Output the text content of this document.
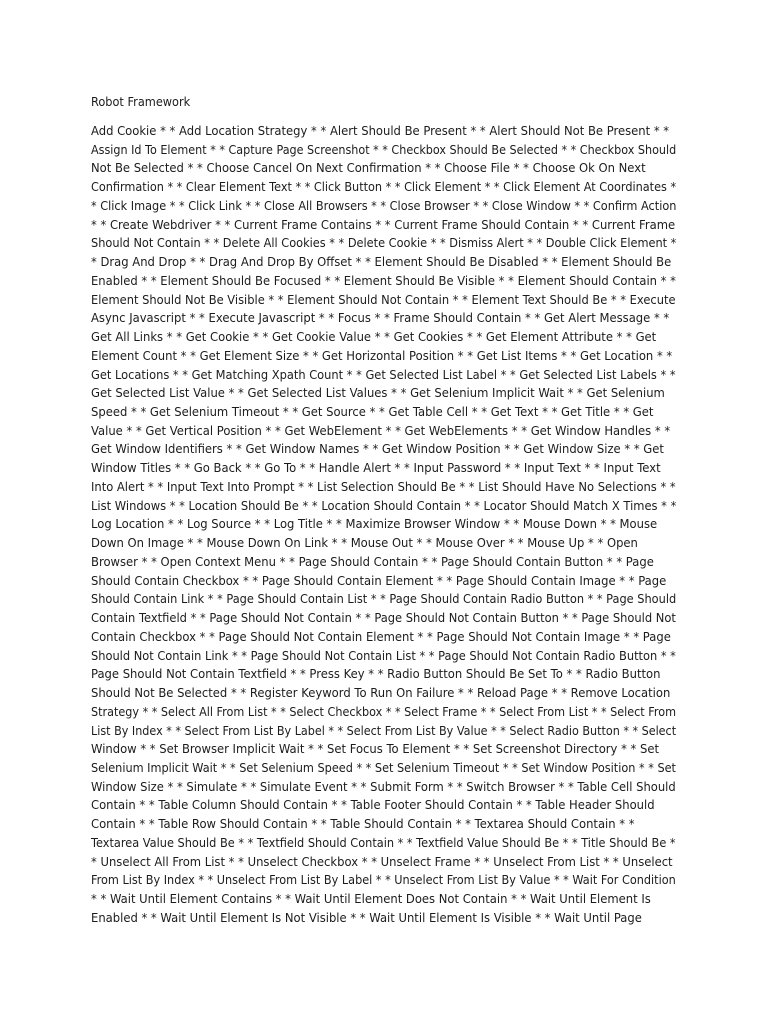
Robot Framework
Add Cookie * * Add Location Strategy * * Alert Should Be Present * * Alert Should Not Be Present * *
Assign Id To Element * * Capture Page Screenshot * * Checkbox Should Be Selected * * Checkbox Should
Not Be Selected * * Choose Cancel On Next Confirmation * * Choose File * * Choose Ok On Next
Confirmation * * Clear Element Text * * Click Button * * Click Element * * Click Element At Coordinates *
* Click Image * * Click Link * * Close All Browsers * * Close Browser * * Close Window * * Confirm Action
* * Create Webdriver * * Current Frame Contains * * Current Frame Should Contain * * Current Frame
Should Not Contain * * Delete All Cookies * * Delete Cookie * * Dismiss Alert * * Double Click Element *
* Drag And Drop * * Drag And Drop By Offset * * Element Should Be Disabled * * Element Should Be
Enabled * * Element Should Be Focused * * Element Should Be Visible * * Element Should Contain * *
Element Should Not Be Visible * * Element Should Not Contain * * Element Text Should Be * * Execute
Async Javascript * * Execute Javascript * * Focus * * Frame Should Contain * * Get Alert Message * *
Get All Links * * Get Cookie * * Get Cookie Value * * Get Cookies * * Get Element Attribute * * Get
Element Count * * Get Element Size * * Get Horizontal Position * * Get List Items * * Get Location * *
Get Locations * * Get Matching Xpath Count * * Get Selected List Label * * Get Selected List Labels * *
Get Selected List Value * * Get Selected List Values * * Get Selenium Implicit Wait * * Get Selenium
Speed * * Get Selenium Timeout * * Get Source * * Get Table Cell * * Get Text * * Get Title * * Get
Value * * Get Vertical Position * * Get WebElement * * Get WebElements * * Get Window Handles * *
Get Window Identifiers * * Get Window Names * * Get Window Position * * Get Window Size * * Get
Window Titles * * Go Back * * Go To * * Handle Alert * * Input Password * * Input Text * * Input Text
Into Alert * * Input Text Into Prompt * * List Selection Should Be * * List Should Have No Selections * *
List Windows * * Location Should Be * * Location Should Contain * * Locator Should Match X Times * *
Log Location * * Log Source * * Log Title * * Maximize Browser Window * * Mouse Down * * Mouse
Down On Image * * Mouse Down On Link * * Mouse Out * * Mouse Over * * Mouse Up * * Open
Browser * * Open Context Menu * * Page Should Contain * * Page Should Contain Button * * Page
Should Contain Checkbox * * Page Should Contain Element * * Page Should Contain Image * * Page
Should Contain Link * * Page Should Contain List * * Page Should Contain Radio Button * * Page Should
Contain Textfield * * Page Should Not Contain * * Page Should Not Contain Button * * Page Should Not
Contain Checkbox * * Page Should Not Contain Element * * Page Should Not Contain Image * * Page
Should Not Contain Link * * Page Should Not Contain List * * Page Should Not Contain Radio Button * *
Page Should Not Contain Textfield * * Press Key * * Radio Button Should Be Set To * * Radio Button
Should Not Be Selected * * Register Keyword To Run On Failure * * Reload Page * * Remove Location
Strategy * * Select All From List * * Select Checkbox * * Select Frame * * Select From List * * Select From
List By Index * * Select From List By Label * * Select From List By Value * * Select Radio Button * * Select
Window * * Set Browser Implicit Wait * * Set Focus To Element * * Set Screenshot Directory * * Set
Selenium Implicit Wait * * Set Selenium Speed * * Set Selenium Timeout * * Set Window Position * * Set
Window Size * * Simulate * * Simulate Event * * Submit Form * * Switch Browser * * Table Cell Should
Contain * * Table Column Should Contain * * Table Footer Should Contain * * Table Header Should
Contain * * Table Row Should Contain * * Table Should Contain * * Textarea Should Contain * *
Textarea Value Should Be * * Textfield Should Contain * * Textfield Value Should Be * * Title Should Be *
* Unselect All From List * * Unselect Checkbox * * Unselect Frame * * Unselect From List * * Unselect
From List By Index * * Unselect From List By Label * * Unselect From List By Value * * Wait For Condition
* * Wait Until Element Contains * * Wait Until Element Does Not Contain * * Wait Until Element Is
Enabled * * Wait Until Element Is Not Visible * * Wait Until Element Is Visible * * Wait Until Page
